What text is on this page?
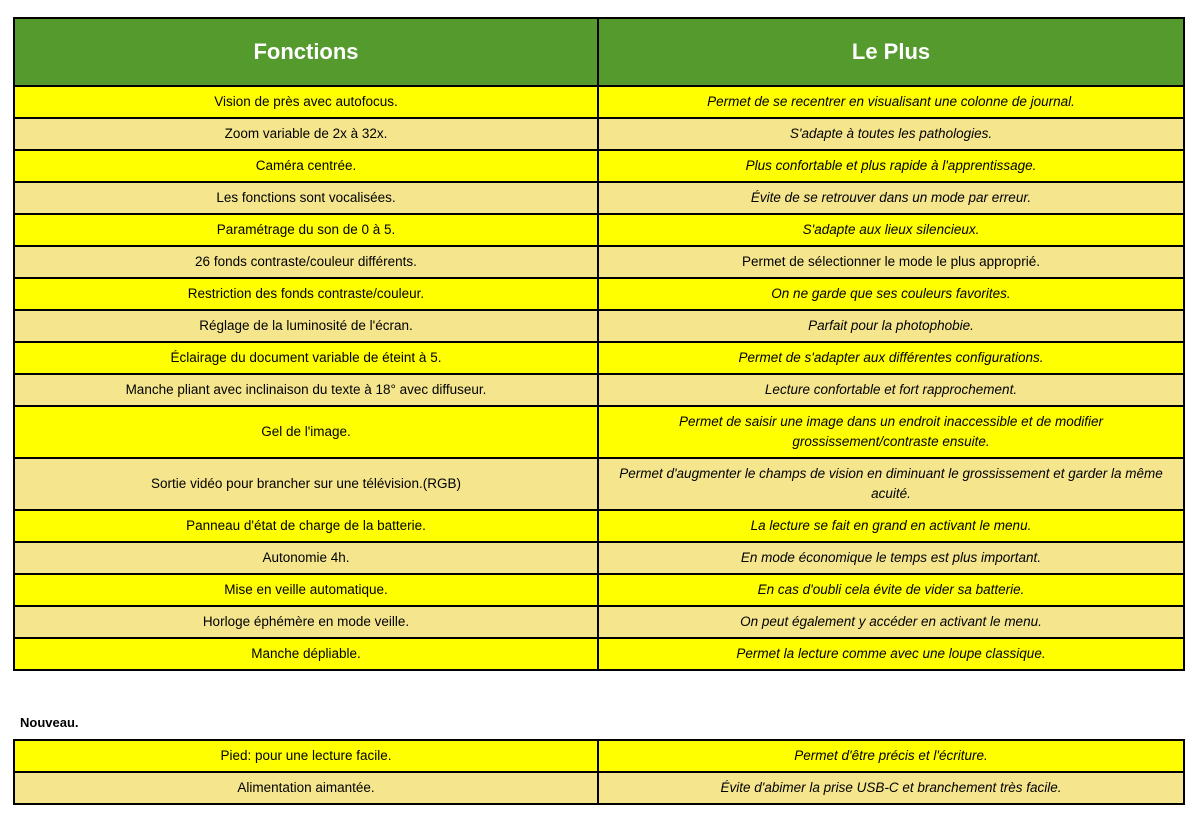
Fonctions	Le Plus
Vision de près avec autofocus.	Permet de se recentrer en visualisant une colonne de journal.
Zoom variable de 2x à 32x.	S'adapte à toutes les pathologies.
Caméra centrée.	Plus confortable et plus rapide à l'apprentissage.
Les fonctions sont vocalisées.	Évite de se retrouver dans un mode par erreur.
Paramétrage du son de 0 à 5.	S'adapte aux lieux silencieux.
26 fonds contraste/couleur différents.	Permet de sélectionner le mode le plus approprié.
Restriction des fonds contraste/couleur.	On ne garde que ses couleurs favorites.
Réglage de la luminosité de l'écran.	Parfait pour la photophobie.
Éclairage du document variable de éteint à 5.	Permet de s'adapter aux différentes configurations.
Manche pliant avec inclinaison du texte à 18° avec diffuseur.	Lecture confortable et fort rapprochement.
Gel de l'image.	Permet de saisir une image dans un endroit inaccessible et de modifier grossissement/contraste ensuite.
Sortie vidéo pour brancher sur une télévision.(RGB)	Permet d'augmenter le champs de vision en diminuant le grossissement et garder la même acuité.
Panneau d'état de charge de la batterie.	La lecture se fait en grand en activant le menu.
Autonomie 4h.	En mode économique le temps est plus important.
Mise en veille automatique.	En cas d'oubli cela évite de vider sa batterie.
Horloge éphémère en mode veille.	On peut également y accéder en activant le menu.
Manche dépliable.	Permet la lecture comme avec une loupe classique.
Nouveau.
Pied: pour une lecture facile.	Permet d'être précis et l'écriture.
Alimentation aimantée.	Évite d'abimer la prise USB-C et branchement très facile.
